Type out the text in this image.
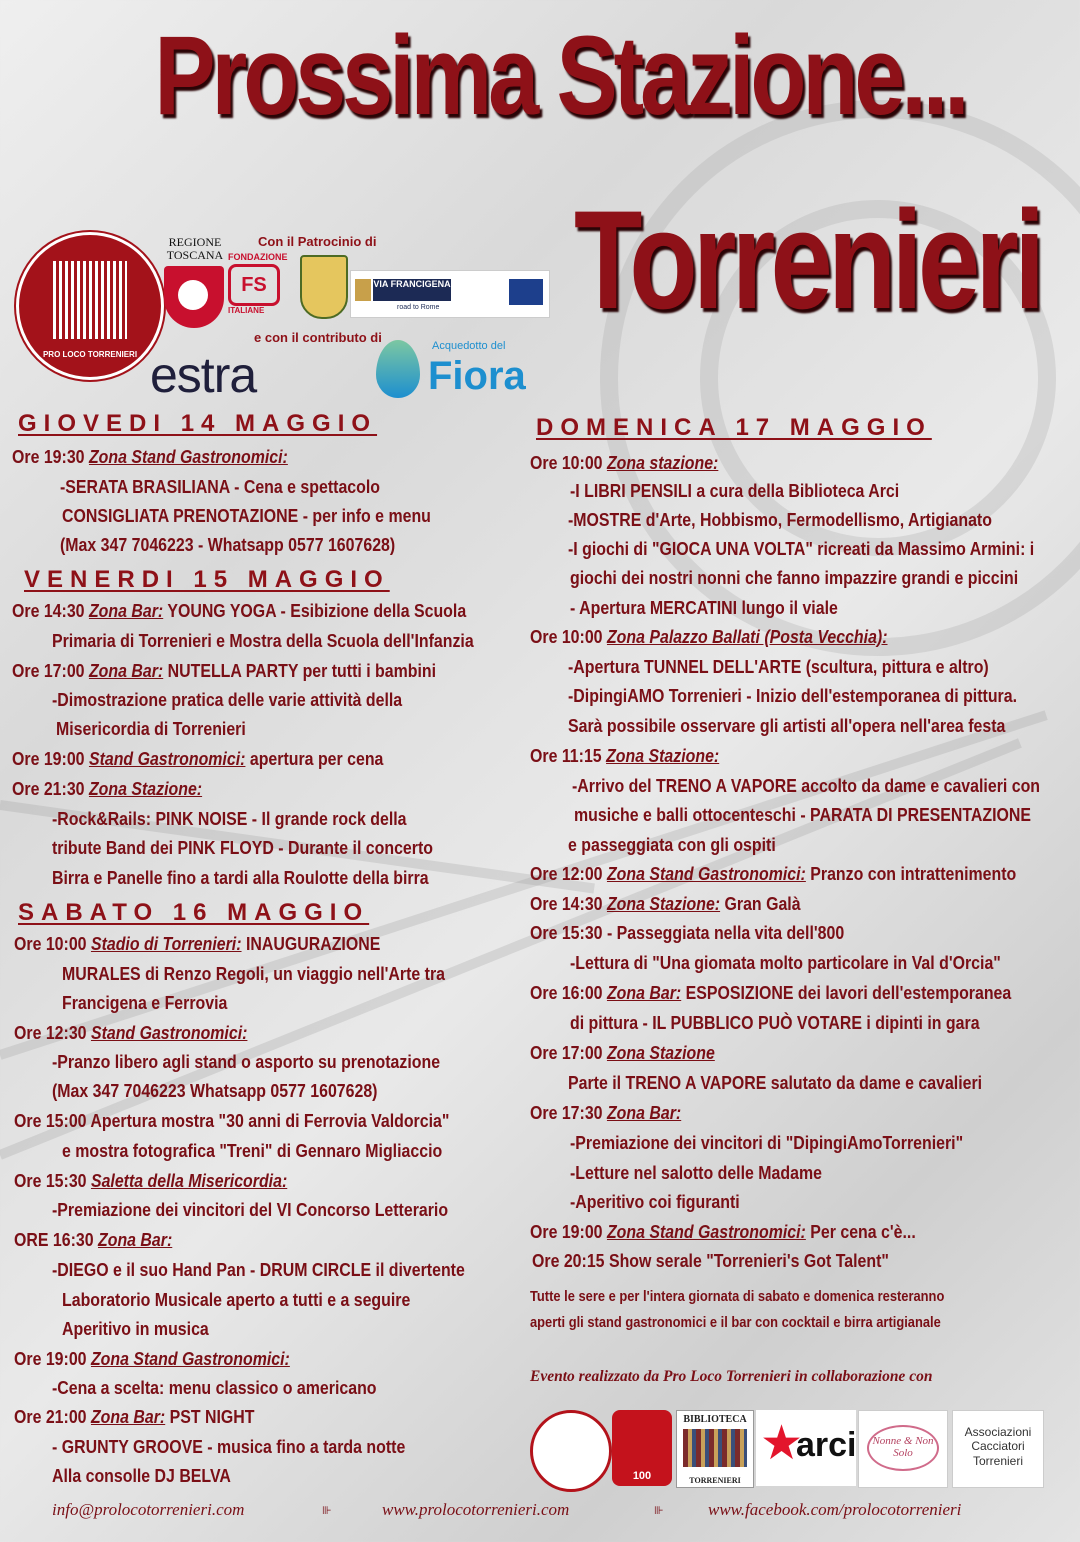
Prossima Stazione...
Torrenieri
PRO LOCO TORRENIERI
Con il Patrocinio di
REGIONE TOSCANA FONDAZIONE
FS
ITALIANE
VIA FRANCIGENA
road to Rome
e con il contributo di
estra
Acquedotto del
Fiora
GIOVEDI 14 MAGGIO
VENERDI 15 MAGGIO
SABATO 16 MAGGIO
DOMENICA 17 MAGGIO
Ore 19:30 Zona Stand Gastronomici:
-SERATA BRASILIANA - Cena e spettacolo
CONSIGLIATA PRENOTAZIONE - per info e menu
(Max 347 7046223 - Whatsapp 0577 1607628)
Ore 14:30 Zona Bar: YOUNG YOGA - Esibizione della Scuola
Primaria di Torrenieri e Mostra della Scuola dell'Infanzia
Ore 17:00 Zona Bar: NUTELLA PARTY per tutti i bambini
-Dimostrazione pratica delle varie attività della
Misericordia di Torrenieri
Ore 19:00 Stand Gastronomici: apertura per cena
Ore 21:30 Zona Stazione:
-Rock&Rails: PINK NOISE - Il grande rock della
tribute Band dei PINK FLOYD - Durante il concerto
Birra e Panelle fino a tardi alla Roulotte della birra
Ore 10:00 Stadio di Torrenieri: INAUGURAZIONE
MURALES di Renzo Regoli, un viaggio nell'Arte tra
Francigena e Ferrovia
Ore 12:30 Stand Gastronomici:
-Pranzo libero agli stand o asporto su prenotazione
(Max 347 7046223 Whatsapp 0577 1607628)
Ore 15:00 Apertura mostra "30 anni di Ferrovia Valdorcia"
e mostra fotografica "Treni" di Gennaro Migliaccio
Ore 15:30 Saletta della Misericordia:
-Premiazione dei vincitori del VI Concorso Letterario
ORE 16:30 Zona Bar:
-DIEGO e il suo Hand Pan - DRUM CIRCLE il divertente
Laboratorio Musicale aperto a tutti e a seguire
Aperitivo in musica
Ore 19:00 Zona Stand Gastronomici:
-Cena a scelta: menu classico o americano
Ore 21:00 Zona Bar: PST NIGHT
- GRUNTY GROOVE - musica fino a tarda notte
Alla consolle DJ BELVA
Ore 10:00 Zona stazione:
-I LIBRI PENSILI a cura della Biblioteca Arci
-MOSTRE d'Arte, Hobbismo, Fermodellismo, Artigianato
-I giochi di "GIOCA UNA VOLTA" ricreati da Massimo Armini: i
giochi dei nostri nonni che fanno impazzire grandi e piccini
- Apertura MERCATINI lungo il viale
Ore 10:00 Zona Palazzo Ballati (Posta Vecchia):
-Apertura TUNNEL DELL'ARTE (scultura, pittura e altro)
-DipingiAMO Torrenieri - Inizio dell'estemporanea di pittura.
Sarà possibile osservare gli artisti all'opera nell'area festa
Ore 11:15 Zona Stazione:
-Arrivo del TRENO A VAPORE accolto da dame e cavalieri con
musiche e balli ottocenteschi - PARATA DI PRESENTAZIONE
e passeggiata con gli ospiti
Ore 12:00 Zona Stand Gastronomici: Pranzo con intrattenimento
Ore 14:30 Zona Stazione: Gran Galà
Ore 15:30 - Passeggiata nella vita dell'800
-Lettura di "Una giomata molto particolare in Val d'Orcia"
Ore 16:00 Zona Bar: ESPOSIZIONE dei lavori dell'estemporanea
di pittura - IL PUBBLICO PUÒ VOTARE i dipinti in gara
Ore 17:00 Zona Stazione
Parte il TRENO A VAPORE salutato da dame e cavalieri
Ore 17:30 Zona Bar:
-Premiazione dei vincitori di "DipingiAmoTorrenieri"
-Letture nel salotto delle Madame
-Aperitivo coi figuranti
Ore 19:00 Zona Stand Gastronomici: Per cena c'è...
Ore 20:15 Show serale "Torrenieri's Got Talent"
Tutte le sere e per l'intera giornata di sabato e domenica resteranno
aperti gli stand gastronomici e il bar con cocktail e birra artigianale
Evento realizzato da Pro Loco Torrenieri in collaborazione con
100
BIBLIOTECA
TORRENIERI
★
arci	Nonne & Non Solo
Associazioni Cacciatori Torrenieri
info@prolocotorrenieri.com	⊪	www.prolocotorrenieri.com	⊪	www.facebook.com/prolocotorrenieri
